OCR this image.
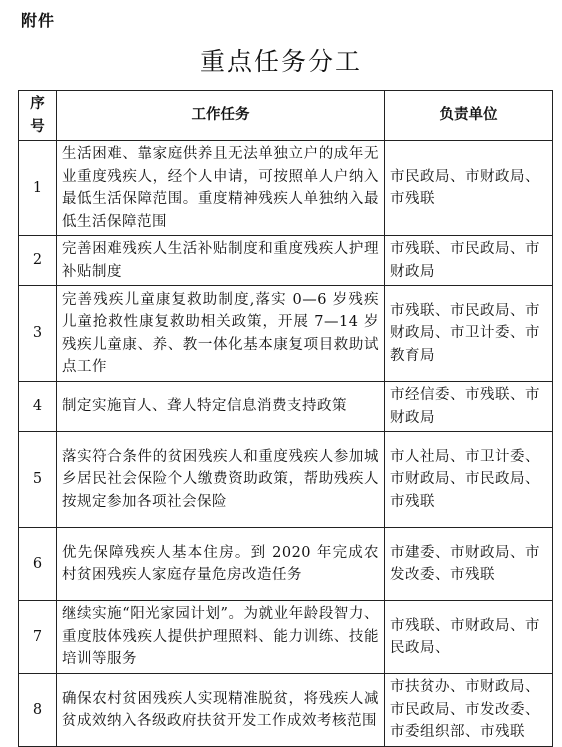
附件
重点任务分工
序号	工作任务	负责单位
1	生活困难、靠家庭供养且无法单独立户的成年无业重度残疾人，经个人申请，可按照单人户纳入最低生活保障范围。重度精神残疾人单独纳入最低生活保障范围	市民政局、市财政局、市残联
2	完善困难残疾人生活补贴制度和重度残疾人护理补贴制度	市残联、市民政局、市财政局
3	完善残疾儿童康复救助制度,落实 0—6 岁残疾儿童抢救性康复救助相关政策，开展 7—14 岁残疾儿童康、养、教一体化基本康复项目救助试点工作	市残联、市民政局、市财政局、市卫计委、市教育局
4	制定实施盲人、聋人特定信息消费支持政策	市经信委、市残联、市财政局
5	落实符合条件的贫困残疾人和重度残疾人参加城乡居民社会保险个人缴费资助政策，帮助残疾人按规定参加各项社会保险	市人社局、市卫计委、市财政局、市民政局、市残联
6	优先保障残疾人基本住房。到 2020 年完成农村贫困残疾人家庭存量危房改造任务	市建委、市财政局、市发改委、市残联
7	继续实施“阳光家园计划”。为就业年龄段智力、重度肢体残疾人提供护理照料、能力训练、技能培训等服务	市残联、市财政局、市民政局、
8	确保农村贫困残疾人实现精准脱贫，将残疾人减贫成效纳入各级政府扶贫开发工作成效考核范围	市扶贫办、市财政局、市民政局、市发改委、市委组织部、市残联
